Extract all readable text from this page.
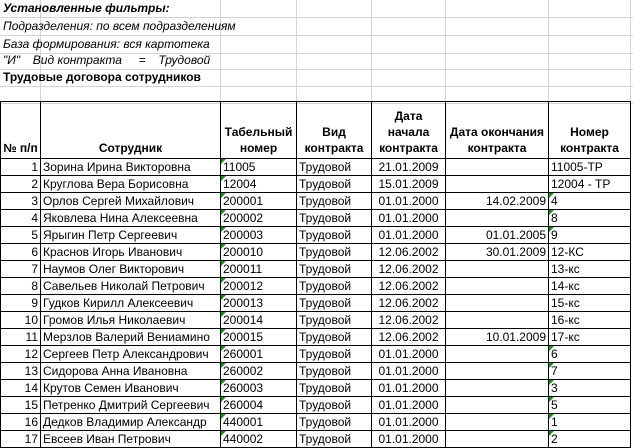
Установленные фильтры:
Подразделения: по всем подразделениям
База формирования: вся картотека
"И" Вид контракта = Трудовой
Трудовые договора сотрудников
№ п/п	Сотрудник	Табельный номер	Вид контракта	Дата начала контракта	Дата окончания контракта	Номер контракта
1	Зорина Ирина Викторовна	11005	Трудовой	21.01.2009		11005-ТР
2	Круглова Вера Борисовна	12004	Трудовой	15.01.2009		12004 - ТР
3	Орлов Сергей Михайлович	200001	Трудовой	01.01.2000	14.02.2009	4
4	Яковлева Нина Алексеевна	200002	Трудовой	01.01.2000		8
5	Ярыгин Петр Сергеевич	200003	Трудовой	01.01.2000	01.01.2005	9
6	Краснов Игорь Иванович	200010	Трудовой	12.06.2002	30.01.2009	12-КС
7	Наумов Олег Викторович	200011	Трудовой	12.06.2002		13-кс
8	Савельев Николай Петрович	200012	Трудовой	12.06.2002		14-кс
9	Гудков Кирилл Алексеевич	200013	Трудовой	12.06.2002		15-кс
10	Громов Илья Николаевич	200014	Трудовой	12.06.2002		16-кс
11	Мерзлов Валерий Вениамино	200015	Трудовой	12.06.2002	10.01.2009	17-кс
12	Сергеев Петр Александрович	260001	Трудовой	01.01.2000		6
13	Сидорова Анна Ивановна	260002	Трудовой	01.01.2000		7
14	Крутов Семен Иванович	260003	Трудовой	01.01.2000		3
15	Петренко Дмитрий Сергеевич	260004	Трудовой	01.01.2000		5
16	Дедков Владимир Александр	440001	Трудовой	01.01.2000		1
17	Евсеев Иван Петрович	440002	Трудовой	01.01.2000		2
